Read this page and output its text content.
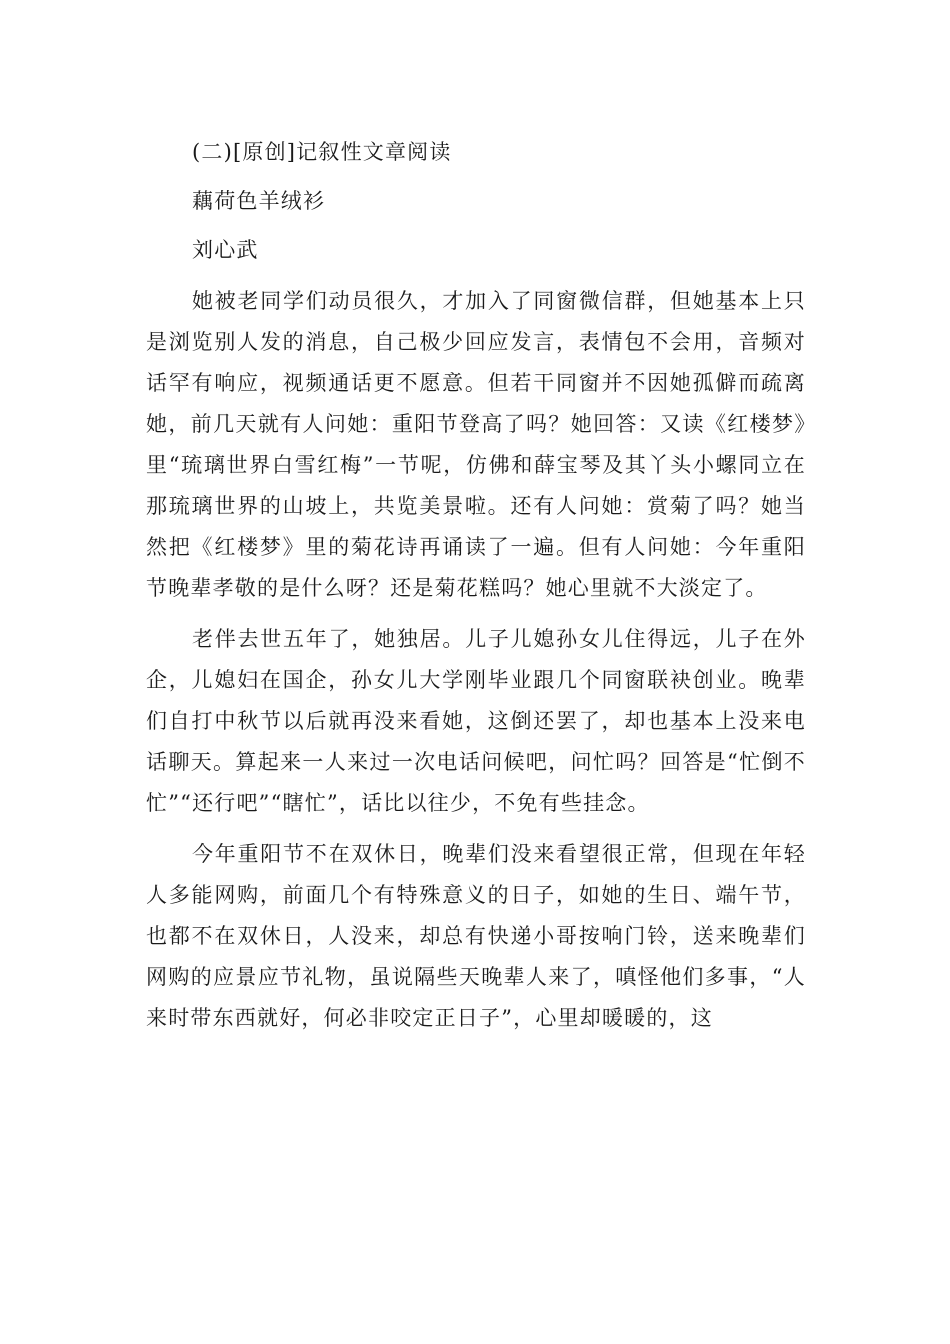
(二)[原创]记叙性文章阅读
藕荷色羊绒衫
刘心武

她被老同学们动员很久，才加入了同窗微信群，但她基本上只是浏览别人发的消息，自己极少回应发言，表情包不会用，音频对话罕有响应，视频通话更不愿意。但若干同窗并不因她孤僻而疏离她，前几天就有人问她：重阳节登高了吗？她回答：又读《红楼梦》里“琉璃世界白雪红梅”一节呢，仿佛和薛宝琴及其丫头小螺同立在那琉璃世界的山坡上，共览美景啦。还有人问她：赏菊了吗？她当然把《红楼梦》里的菊花诗再诵读了一遍。但有人问她：今年重阳节晚辈孝敬的是什么呀？还是菊花糕吗？她心里就不大淡定了。

老伴去世五年了，她独居。儿子儿媳孙女儿住得远，儿子在外企，儿媳妇在国企，孙女儿大学刚毕业跟几个同窗联袂创业。晚辈们自打中秋节以后就再没来看她，这倒还罢了，却也基本上没来电话聊天。算起来一人来过一次电话问候吧，问忙吗？回答是“忙倒不忙”“还行吧”“瞎忙”，话比以往少，不免有些挂念。

今年重阳节不在双休日，晚辈们没来看望很正常，但现在年轻人多能网购，前面几个有特殊意义的日子，如她的生日、端午节，也都不在双休日，人没来，却总有快递小哥按响门铃，送来晚辈们网购的应景应节礼物，虽说隔些天晚辈人来了，嗔怪他们多事，“人来时带东西就好，何必非咬定正日子”，心里却暖暖的，这
